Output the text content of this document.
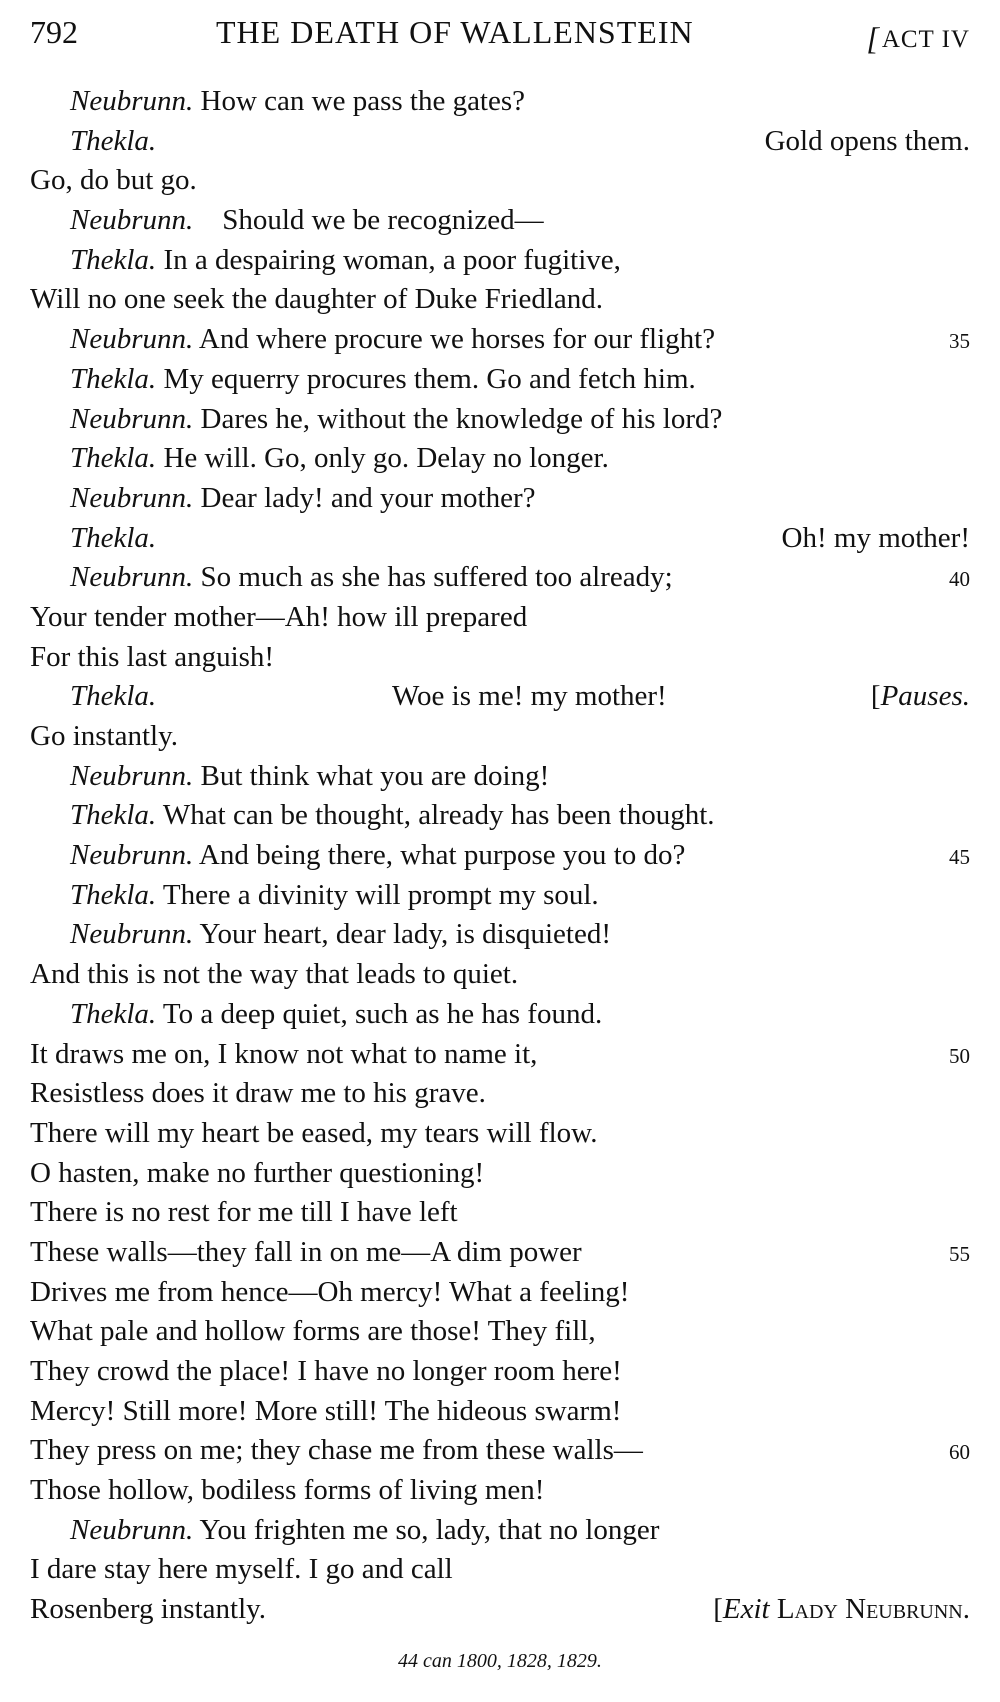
792	THE DEATH OF WALLENSTEIN	[ACT IV
Neubrunn. How can we pass the gates?
Thekla.	Gold opens them.
Go, do but go.
Neubrunn. Should we be recognized—
Thekla. In a despairing woman, a poor fugitive,
Will no one seek the daughter of Duke Friedland.
Neubrunn. And where procure we horses for our flight?	35
Thekla. My equerry procures them. Go and fetch him.
Neubrunn. Dares he, without the knowledge of his lord?
Thekla. He will. Go, only go. Delay no longer.
Neubrunn. Dear lady! and your mother?
Thekla.	Oh! my mother!
Neubrunn. So much as she has suffered too already;	40
Your tender mother—Ah! how ill prepared
For this last anguish!
Thekla.	Woe is me! my mother!	[Pauses.
Go instantly.
Neubrunn. But think what you are doing!
Thekla. What can be thought, already has been thought.
Neubrunn. And being there, what purpose you to do?	45
Thekla. There a divinity will prompt my soul.
Neubrunn. Your heart, dear lady, is disquieted!
And this is not the way that leads to quiet.
Thekla. To a deep quiet, such as he has found.
It draws me on, I know not what to name it,	50
Resistless does it draw me to his grave.
There will my heart be eased, my tears will flow.
O hasten, make no further questioning!
There is no rest for me till I have left
These walls—they fall in on me—A dim power	55
Drives me from hence—Oh mercy! What a feeling!
What pale and hollow forms are those! They fill,
They crowd the place! I have no longer room here!
Mercy! Still more! More still! The hideous swarm!
They press on me; they chase me from these walls—	60
Those hollow, bodiless forms of living men!
Neubrunn. You frighten me so, lady, that no longer
I dare stay here myself. I go and call
Rosenberg instantly.	[Exit Lady Neubrunn.
44 can 1800, 1828, 1829.
